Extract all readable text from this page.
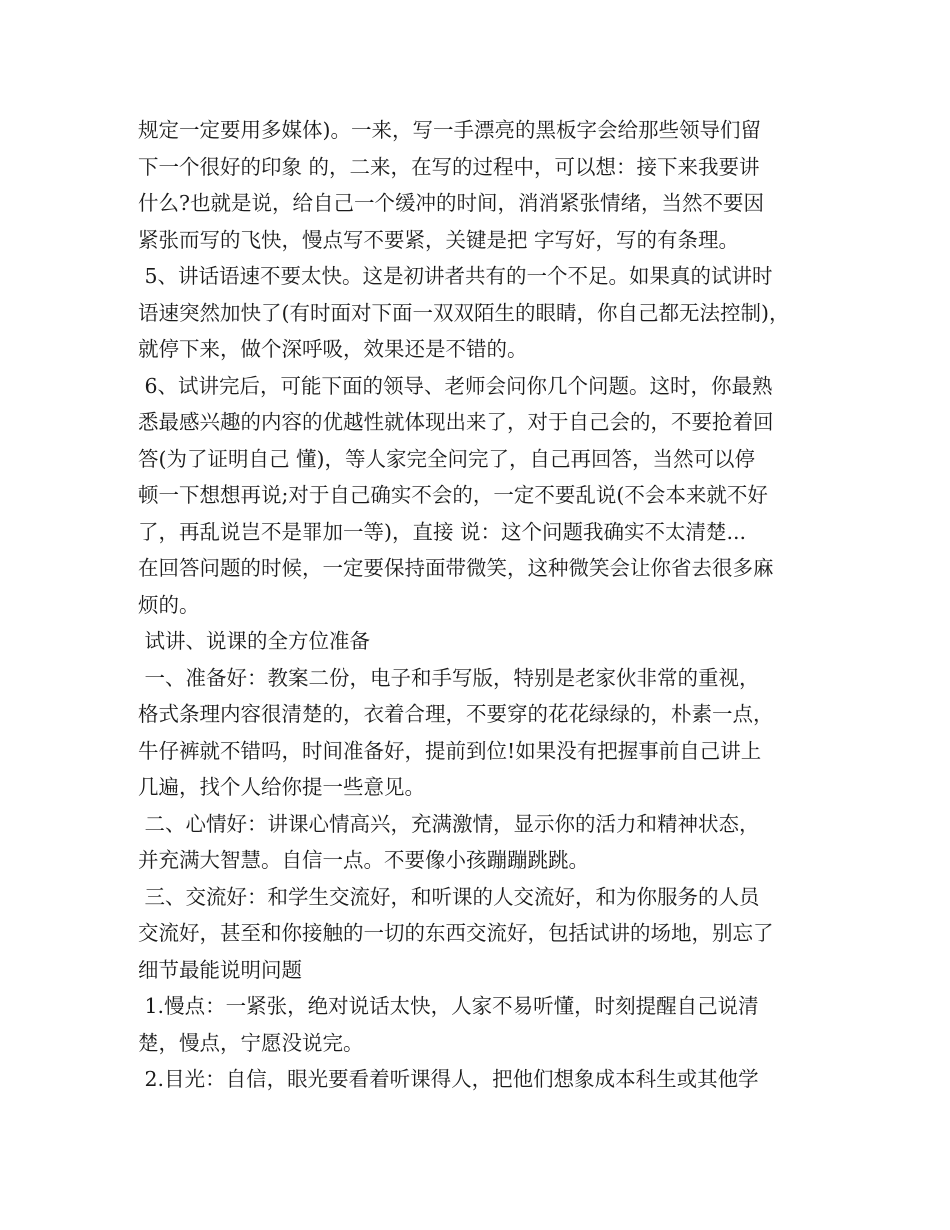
规定一定要用多媒体)。一来，写一手漂亮的黑板字会给那些领导们留
下一个很好的印象 的，二来，在写的过程中，可以想：接下来我要讲
什么?也就是说，给自己一个缓冲的时间，消消紧张情绪，当然不要因
紧张而写的飞快，慢点写不要紧，关键是把 字写好，写的有条理。
5、讲话语速不要太快。这是初讲者共有的一个不足。如果真的试讲时
语速突然加快了(有时面对下面一双双陌生的眼睛，你自己都无法控制)，
就停下来，做个深呼吸，效果还是不错的。
6、试讲完后，可能下面的领导、老师会问你几个问题。这时，你最熟
悉最感兴趣的内容的优越性就体现出来了，对于自己会的，不要抢着回
答(为了证明自己 懂)，等人家完全问完了，自己再回答，当然可以停
顿一下想想再说;对于自己确实不会的，一定不要乱说(不会本来就不好
了，再乱说岂不是罪加一等)，直接 说：这个问题我确实不太清楚...
在回答问题的时候，一定要保持面带微笑，这种微笑会让你省去很多麻
烦的。
试讲、说课的全方位准备
一、准备好：教案二份，电子和手写版，特别是老家伙非常的重视，
格式条理内容很清楚的，衣着合理，不要穿的花花绿绿的，朴素一点，
牛仔裤就不错吗，时间准备好，提前到位!如果没有把握事前自己讲上
几遍，找个人给你提一些意见。
二、心情好：讲课心情高兴，充满激情，显示你的活力和精神状态，
并充满大智慧。自信一点。不要像小孩蹦蹦跳跳。
三、交流好：和学生交流好，和听课的人交流好，和为你服务的人员
交流好，甚至和你接触的一切的东西交流好，包括试讲的场地，别忘了
细节最能说明问题
1.慢点：一紧张，绝对说话太快，人家不易听懂，时刻提醒自己说清
楚，慢点，宁愿没说完。
2.目光：自信，眼光要看着听课得人，把他们想象成本科生或其他学
